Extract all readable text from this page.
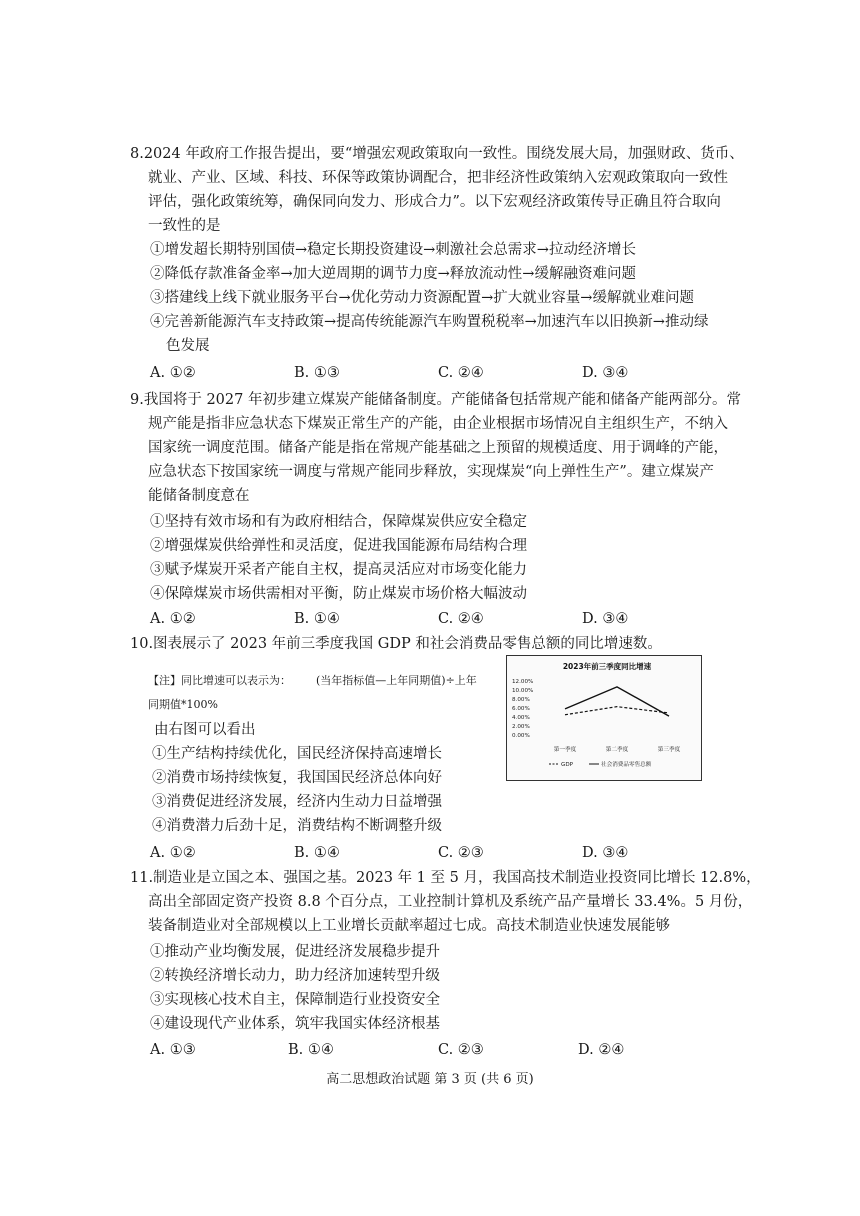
8.2024 年政府工作报告提出，要“增强宏观政策取向一致性。围绕发展大局，加强财政、货币、
就业、产业、区域、科技、环保等政策协调配合，把非经济性政策纳入宏观政策取向一致性
评估，强化政策统筹，确保同向发力、形成合力”。以下宏观经济政策传导正确且符合取向
一致性的是
①增发超长期特别国债→稳定长期投资建设→刺激社会总需求→拉动经济增长
②降低存款准备金率→加大逆周期的调节力度→释放流动性→缓解融资难问题
③搭建线上线下就业服务平台→优化劳动力资源配置→扩大就业容量→缓解就业难问题
④完善新能源汽车支持政策→提高传统能源汽车购置税税率→加速汽车以旧换新→推动绿
色发展
A. ①②	B. ①③	C. ②④	D. ③④
9.我国将于 2027 年初步建立煤炭产能储备制度。产能储备包括常规产能和储备产能两部分。常
规产能是指非应急状态下煤炭正常生产的产能，由企业根据市场情况自主组织生产，不纳入
国家统一调度范围。储备产能是指在常规产能基础之上预留的规模适度、用于调峰的产能，
应急状态下按国家统一调度与常规产能同步释放，实现煤炭“向上弹性生产”。建立煤炭产
能储备制度意在
①坚持有效市场和有为政府相结合，保障煤炭供应安全稳定
②增强煤炭供给弹性和灵活度，促进我国能源布局结构合理
③赋予煤炭开采者产能自主权，提高灵活应对市场变化能力
④保障煤炭市场供需相对平衡，防止煤炭市场价格大幅波动
A. ①②	B. ①④	C. ②④	D. ③④
10.图表展示了 2023 年前三季度我国 GDP 和社会消费品零售总额的同比增速数。
【注】同比增速可以表示为： (当年指标值—上年同期值)÷上年
同期值*100%
由右图可以看出
①生产结构持续优化，国民经济保持高速增长
②消费市场持续恢复，我国国民经济总体向好
③消费促进经济发展，经济内生动力日益增强
④消费潜力后劲十足，消费结构不断调整升级
A. ①②	B. ①④	C. ②③	D. ③④
2023年前三季度同比增速
12.00%
10.00%
8.00%
6.00%
4.00%
2.00%
0.00%
第一季度	第二季度	第三季度
GDP	社会消费品零售总额
11.制造业是立国之本、强国之基。2023 年 1 至 5 月，我国高技术制造业投资同比增长 12.8%，
高出全部固定资产投资 8.8 个百分点，工业控制计算机及系统产品产量增长 33.4%。5 月份，
装备制造业对全部规模以上工业增长贡献率超过七成。高技术制造业快速发展能够
①推动产业均衡发展，促进经济发展稳步提升
②转换经济增长动力，助力经济加速转型升级
③实现核心技术自主，保障制造行业投资安全
④建设现代产业体系，筑牢我国实体经济根基
A. ①③	B. ①④	C. ②③	D. ②④
高二思想政治试题 第 3 页 (共 6 页)
